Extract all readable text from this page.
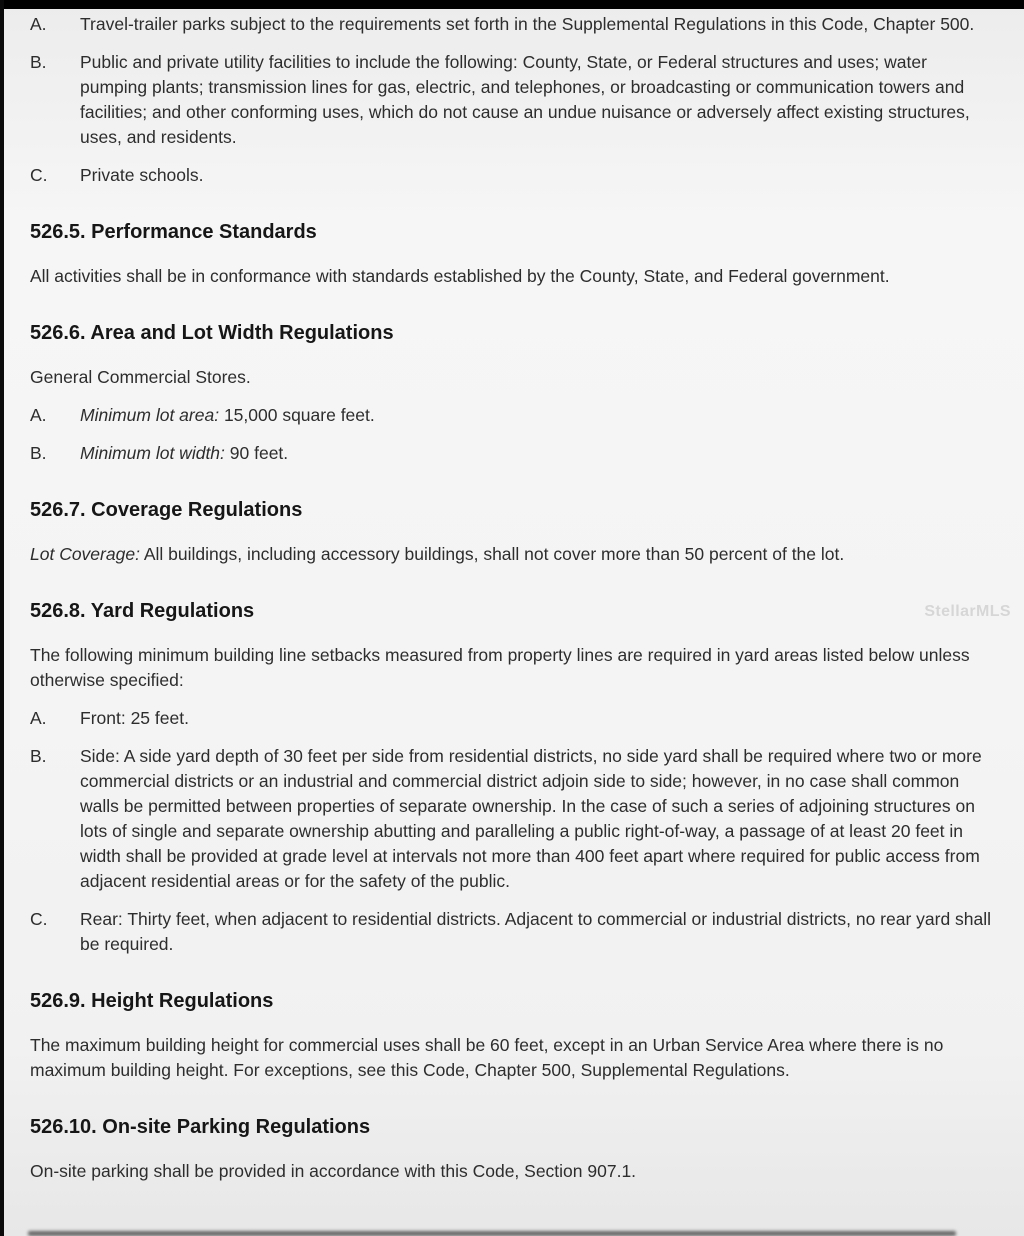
A.	Travel-trailer parks subject to the requirements set forth in the Supplemental Regulations in this Code, Chapter 500.
B.	Public and private utility facilities to include the following: County, State, or Federal structures and uses; water pumping plants; transmission lines for gas, electric, and telephones, or broadcasting or communication towers and facilities; and other conforming uses, which do not cause an undue nuisance or adversely affect existing structures, uses, and residents.
C.	Private schools.
526.5. Performance Standards
All activities shall be in conformance with standards established by the County, State, and Federal government.
526.6. Area and Lot Width Regulations
General Commercial Stores.
A.	Minimum lot area: 15,000 square feet.
B.	Minimum lot width: 90 feet.
526.7. Coverage Regulations
Lot Coverage: All buildings, including accessory buildings, shall not cover more than 50 percent of the lot.
526.8. Yard Regulations
The following minimum building line setbacks measured from property lines are required in yard areas listed below unless otherwise specified:
A.	Front: 25 feet.
B.	Side: A side yard depth of 30 feet per side from residential districts, no side yard shall be required where two or more commercial districts or an industrial and commercial district adjoin side to side; however, in no case shall common walls be permitted between properties of separate ownership. In the case of such a series of adjoining structures on lots of single and separate ownership abutting and paralleling a public right-of-way, a passage of at least 20 feet in width shall be provided at grade level at intervals not more than 400 feet apart where required for public access from adjacent residential areas or for the safety of the public.
C.	Rear: Thirty feet, when adjacent to residential districts. Adjacent to commercial or industrial districts, no rear yard shall be required.
526.9. Height Regulations
The maximum building height for commercial uses shall be 60 feet, except in an Urban Service Area where there is no maximum building height. For exceptions, see this Code, Chapter 500, Supplemental Regulations.
526.10. On-site Parking Regulations
On-site parking shall be provided in accordance with this Code, Section 907.1.
StellarMLS
